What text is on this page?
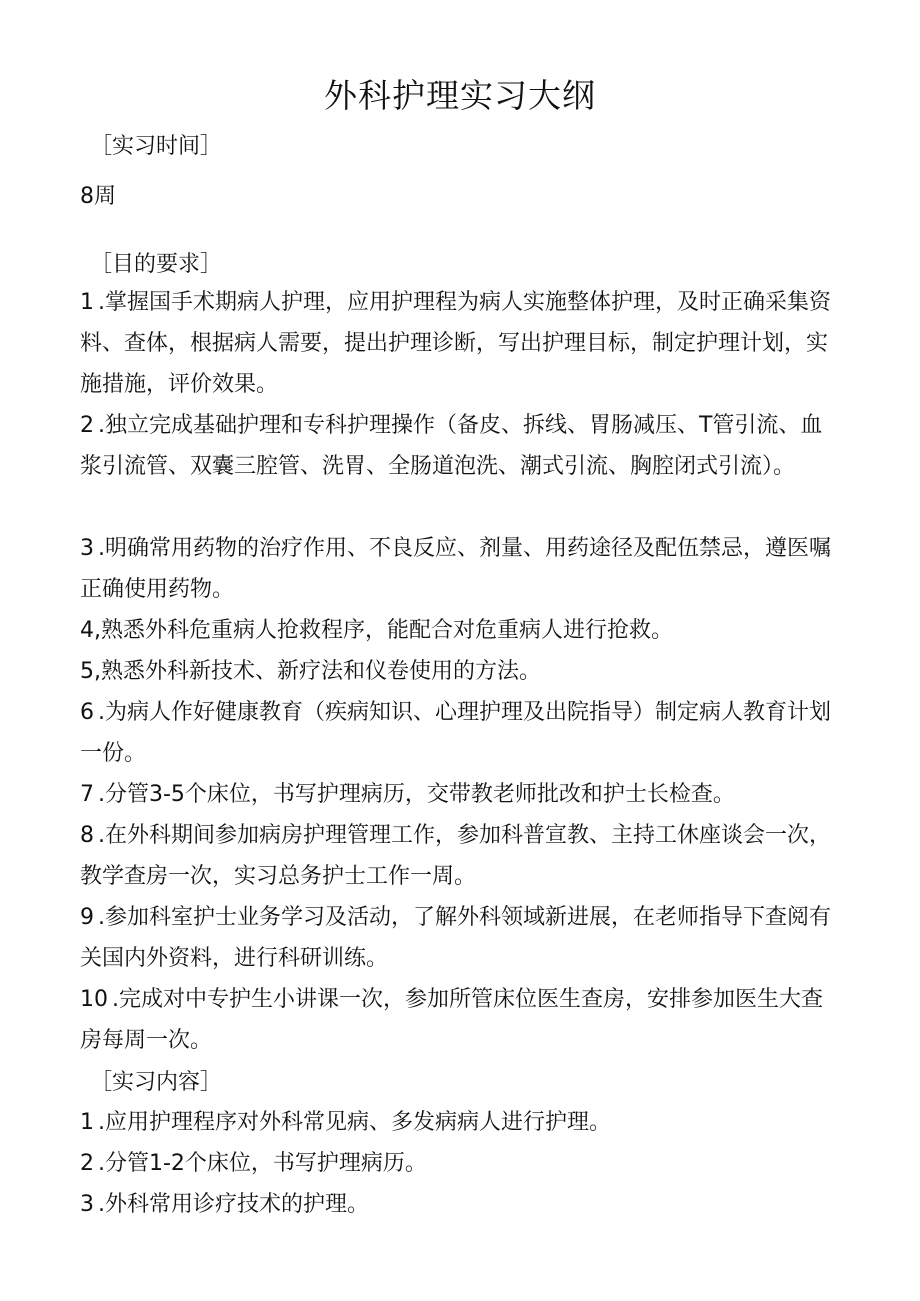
外科护理实习大纲
［实习时间］
8周
［目的要求］
1 .掌握国手术期病人护理，应用护理程为病人实施整体护理，及时正确采集资料、查体，根据病人需要，提出护理诊断，写出护理目标，制定护理计划，实施措施，评价效果。
2 .独立完成基础护理和专科护理操作（备皮、拆线、胃肠减压、T管引流、血浆引流管、双囊三腔管、洗胃、全肠道泡洗、潮式引流、胸腔闭式引流）。
3 .明确常用药物的治疗作用、不良反应、剂量、用药途径及配伍禁忌，遵医嘱正确使用药物。
4,熟悉外科危重病人抢救程序，能配合对危重病人进行抢救。
5,熟悉外科新技术、新疗法和仪卷使用的方法。
6 .为病人作好健康教育（疾病知识、心理护理及出院指导）制定病人教育计划一份。
7 .分管3-5个床位，书写护理病历，交带教老师批改和护士长检查。
8 .在外科期间参加病房护理管理工作，参加科普宣教、主持工休座谈会一次，教学查房一次，实习总务护士工作一周。
9 .参加科室护士业务学习及活动，了解外科领域新进展，在老师指导下查阅有关国内外资料，进行科研训练。
10 .完成对中专护生小讲课一次，参加所管床位医生查房，安排参加医生大查房每周一次。
［实习内容］
1 .应用护理程序对外科常见病、多发病病人进行护理。
2 .分管1-2个床位，书写护理病历。
3 .外科常用诊疗技术的护理。
